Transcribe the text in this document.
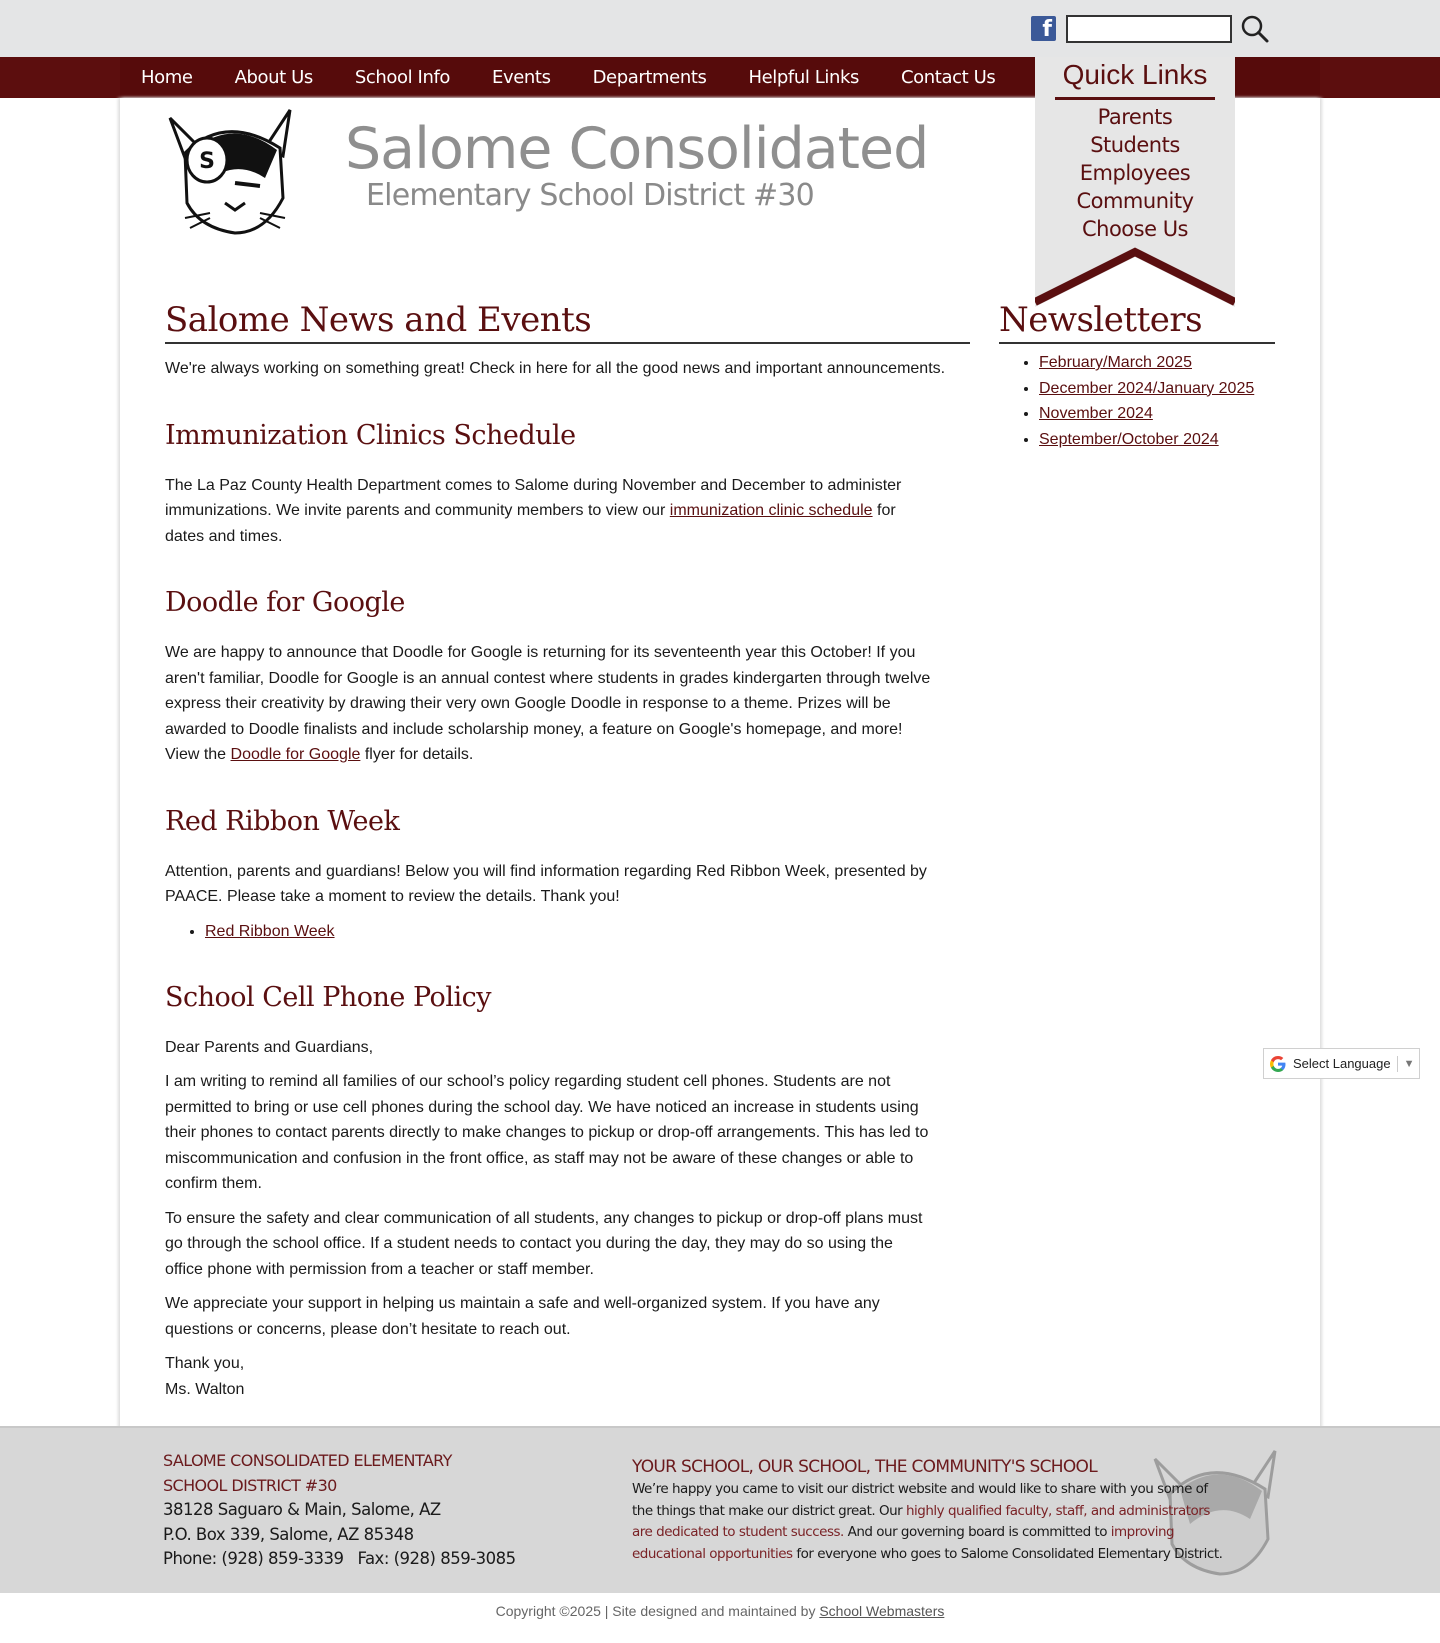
f
Home About Us School Info Events Departments Helpful Links Contact Us	Quick Links
Parents
Students
Employees
Community
Choose Us
S Salome Consolidated
Elementary School District #30
Salome News and Events

We're always working on something great! Check in here for all the good news and important announcements.

Immunization Clinics Schedule

The La Paz County Health Department comes to Salome during November and December to administer immunizations. We invite parents and community members to view our immunization clinic schedule for dates and times.

Doodle for Google

We are happy to announce that Doodle for Google is returning for its seventeenth year this October! If you aren't familiar, Doodle for Google is an annual contest where students in grades kindergarten through twelve express their creativity by drawing their very own Google Doodle in response to a theme. Prizes will be awarded to Doodle finalists and include scholarship money, a feature on Google's homepage, and more! View the Doodle for Google flyer for details.

Red Ribbon Week

Attention, parents and guardians! Below you will find information regarding Red Ribbon Week, presented by PAACE. Please take a moment to review the details. Thank you!

• Red Ribbon Week
School Cell Phone Policy

Dear Parents and Guardians,

I am writing to remind all families of our school’s policy regarding student cell phones. Students are not permitted to bring or use cell phones during the school day. We have noticed an increase in students using their phones to contact parents directly to make changes to pickup or drop-off arrangements. This has led to miscommunication and confusion in the front office, as staff may not be aware of these changes or able to confirm them.

To ensure the safety and clear communication of all students, any changes to pickup or drop-off plans must go through the school office. If a student needs to contact you during the day, they may do so using the office phone with permission from a teacher or staff member.

We appreciate your support in helping us maintain a safe and well-organized system. If you have any questions or concerns, please don’t hesitate to reach out.

Thank you,
Ms. Walton

Newsletters
• February/March 2025
• December 2024/January 2025
• November 2024
• September/October 2024
Select Language ▼
SALOME CONSOLIDATED ELEMENTARY
SCHOOL DISTRICT #30
38128 Saguaro & Main, Salome, AZ
P.O. Box 339, Salome, AZ 85348
Phone: (928) 859-3339 Fax: (928) 859-3085
YOUR SCHOOL, OUR SCHOOL, THE COMMUNITY'S SCHOOL
We’re happy you came to visit our district website and would like to share with you some of the things that make our district great. Our highly qualified faculty, staff, and administrators are dedicated to student success. And our governing board is committed to improving educational opportunities for everyone who goes to Salome Consolidated Elementary District.
Copyright ©2025 | Site designed and maintained by School Webmasters
